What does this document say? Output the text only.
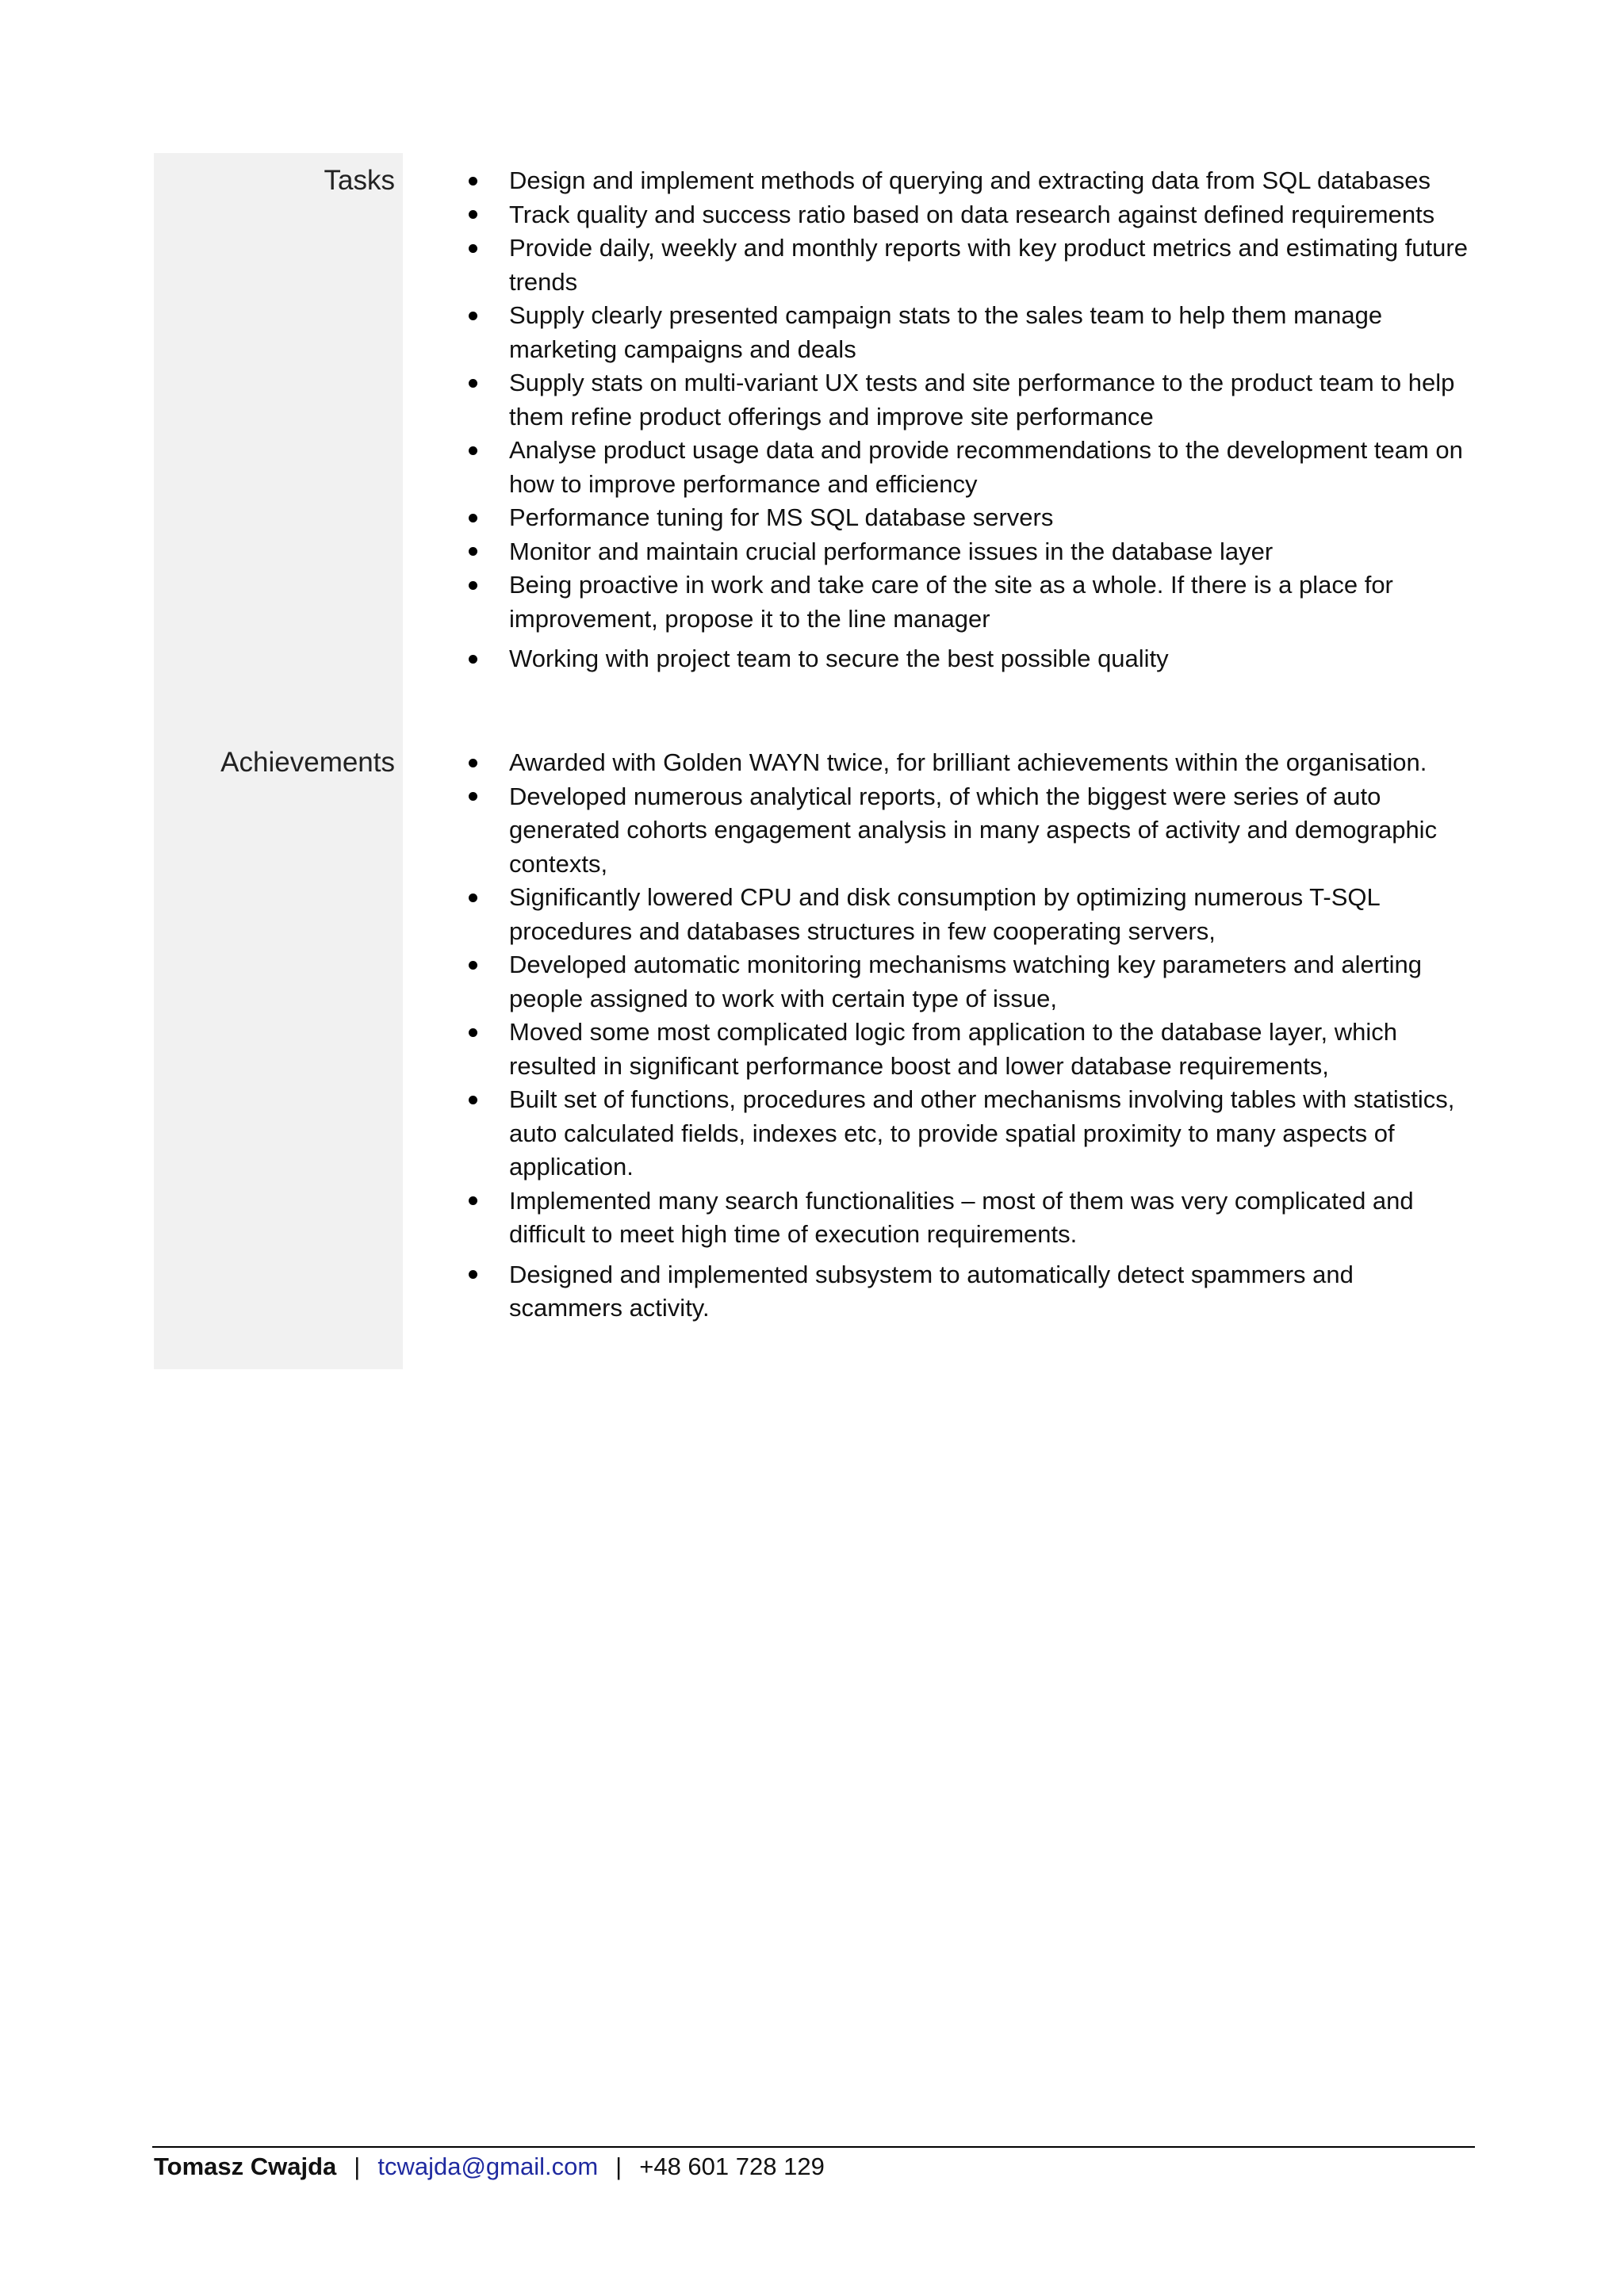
Tasks	Design and implement methods of querying and extracting data from SQL databases
Track quality and success ratio based on data research against defined requirements
Provide daily, weekly and monthly reports with key product metrics and estimating future trends
Supply clearly presented campaign stats to the sales team to help them manage marketing campaigns and deals
Supply stats on multi-variant UX tests and site performance to the product team to help them refine product offerings and improve site performance
Analyse product usage data and provide recommendations to the development team on how to improve performance and efficiency
Performance tuning for MS SQL database servers
Monitor and maintain crucial performance issues in the database layer
Being proactive in work and take care of the site as a whole. If there is a place for improvement, propose it to the line manager
Working with project team to secure the best possible quality
Achievements	Awarded with Golden WAYN twice, for brilliant achievements within the organisation.
Developed numerous analytical reports, of which the biggest were series of auto generated cohorts engagement analysis in many aspects of activity and demographic contexts,
Significantly lowered CPU and disk consumption by optimizing numerous T-SQL procedures and databases structures in few cooperating servers,
Developed automatic monitoring mechanisms watching key parameters and alerting people assigned to work with certain type of issue,
Moved some most complicated logic from application to the database layer, which resulted in significant performance boost and lower database requirements,
Built set of functions, procedures and other mechanisms involving tables with statistics, auto calculated fields, indexes etc, to provide spatial proximity to many aspects of application.
Implemented many search functionalities – most of them was very complicated and difficult to meet high time of execution requirements.
Designed and implemented subsystem to automatically detect spammers and scammers activity.
Tomasz Cwajda | tcwajda@gmail.com | +48 601 728 129
